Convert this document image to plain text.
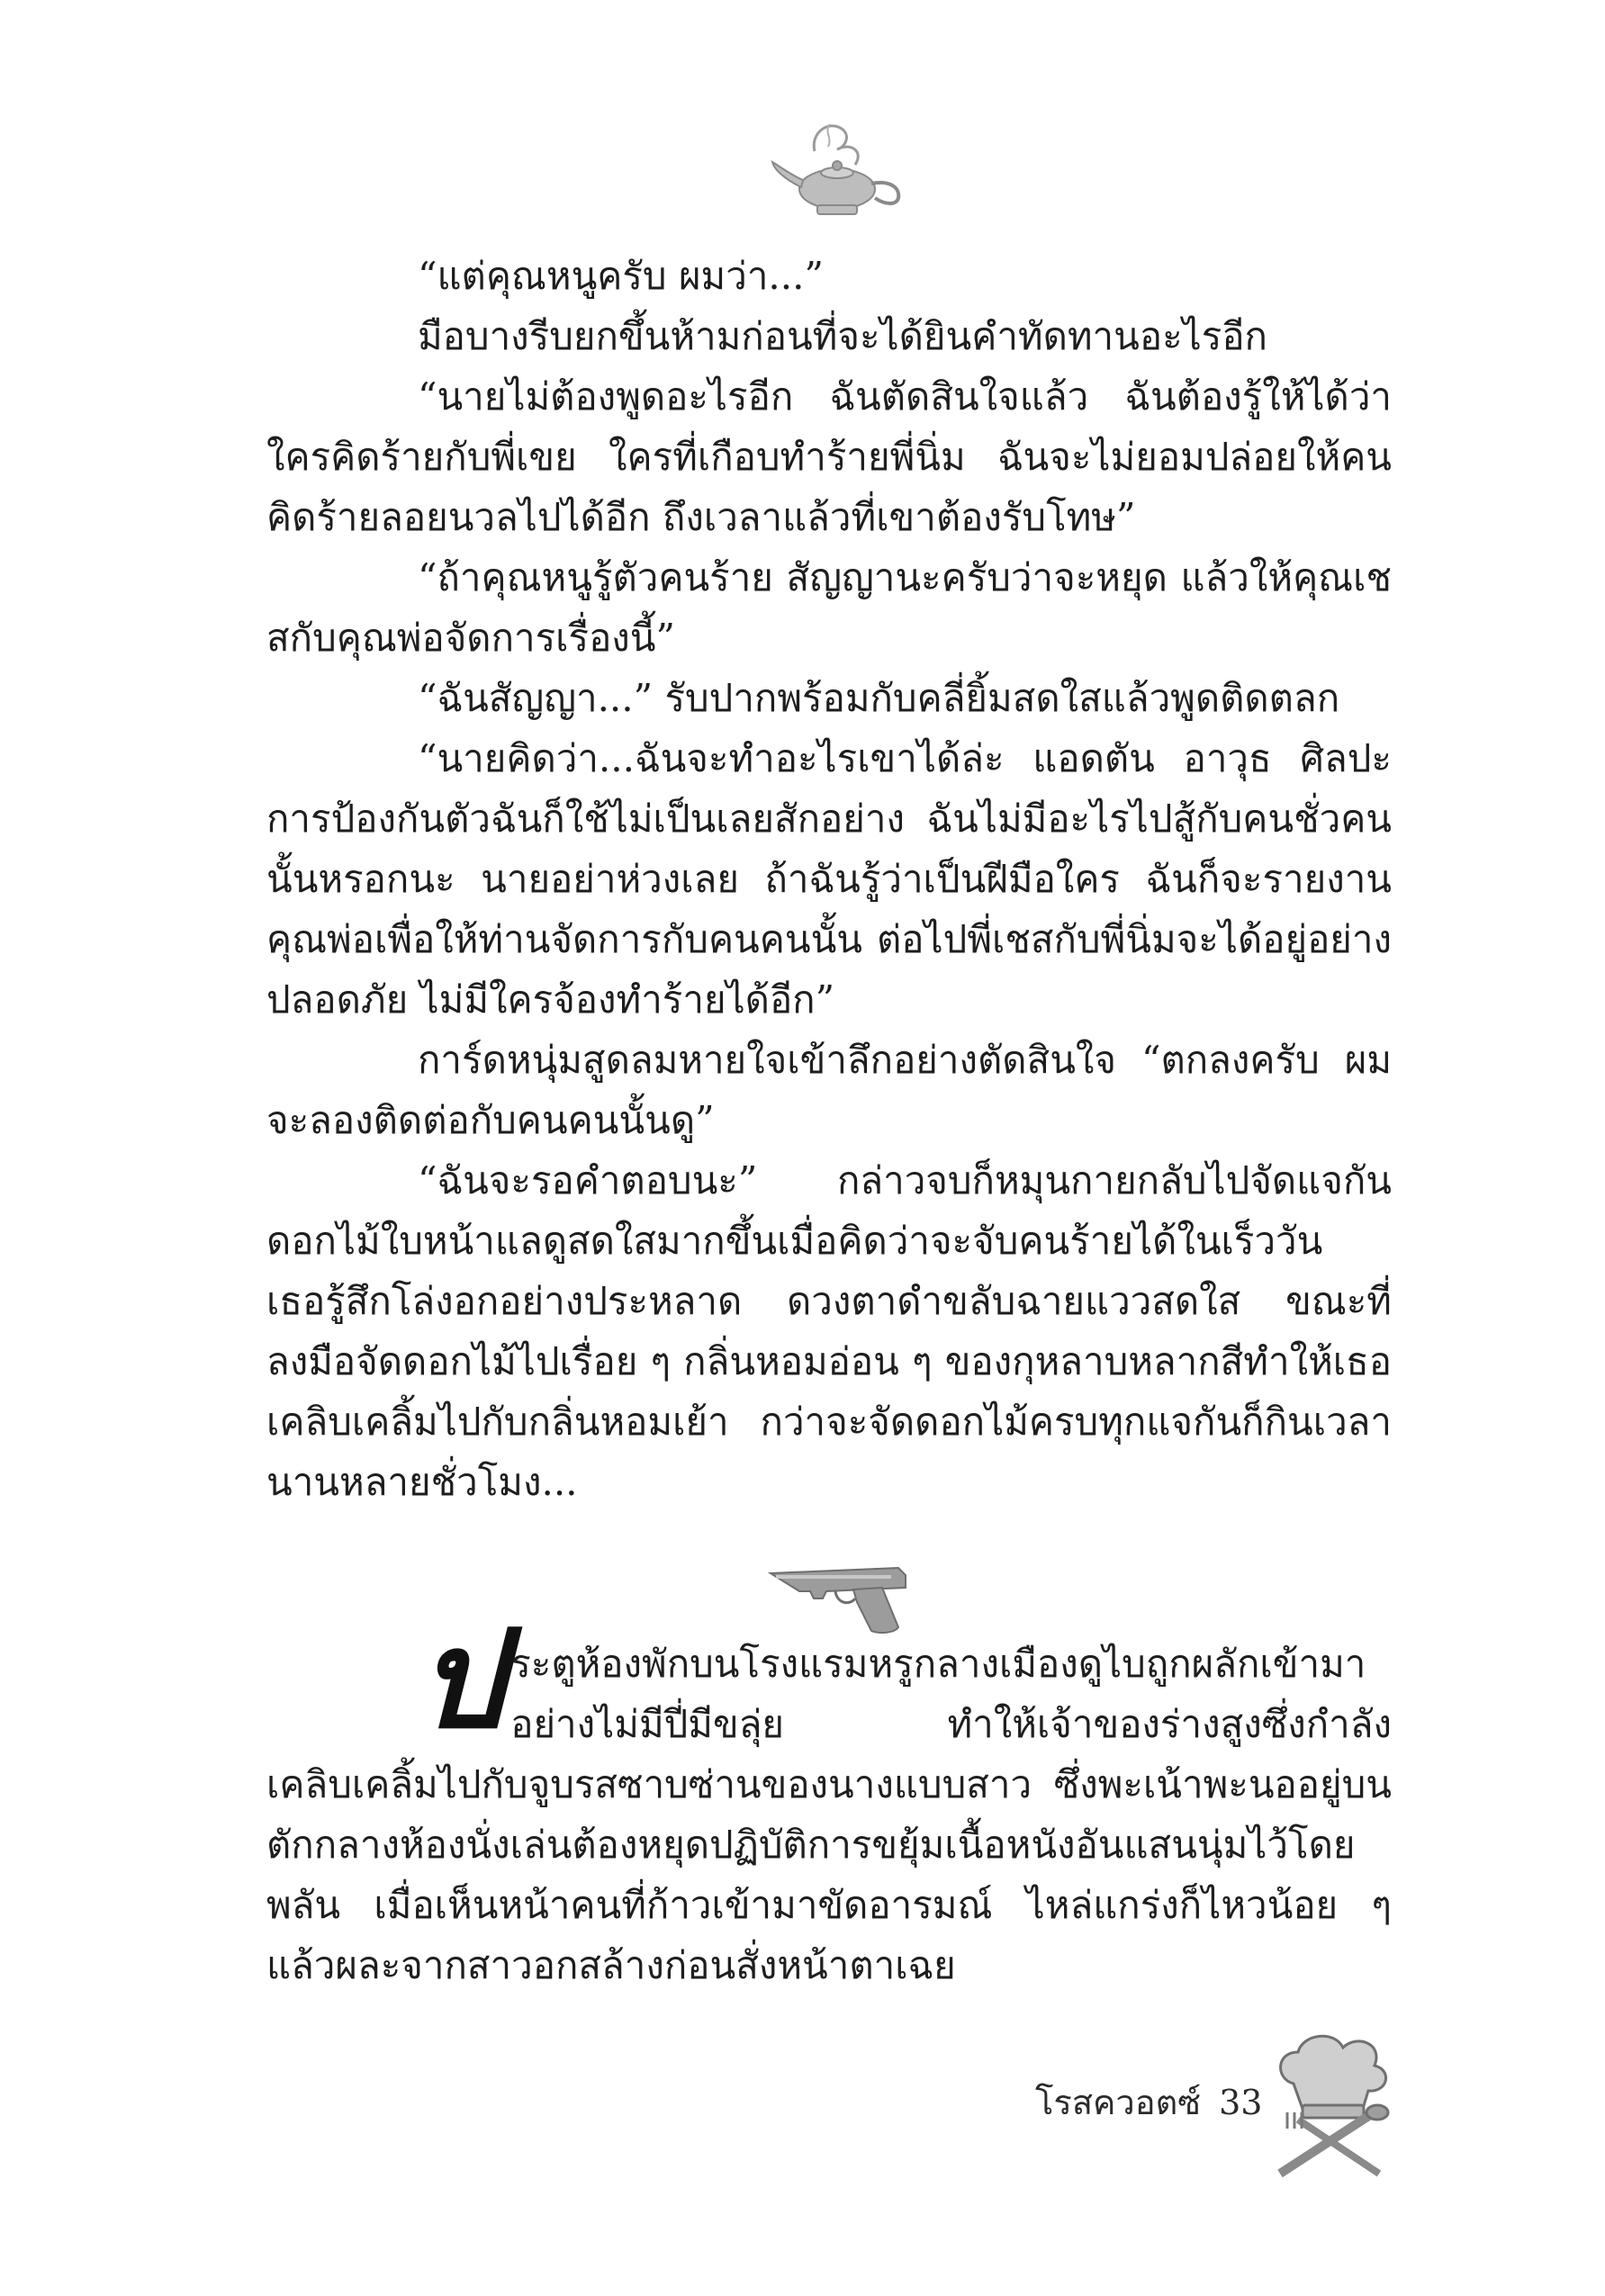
“แต่คุณหนูครับ ผมว่า...”

มือบางรีบยกขึ้นห้ามก่อนที่จะได้ยินคำทัดทานอะไรอีก

“นายไม่ต้องพูดอะไรอีก ฉันตัดสินใจแล้ว ฉันต้องรู้ให้ได้ว่าใครคิดร้ายกับพี่เขย ใครที่เกือบทำร้ายพี่นิ่ม ฉันจะไม่ยอมปล่อยให้คนคิดร้ายลอยนวลไปได้อีก ถึงเวลาแล้วที่เขาต้องรับโทษ”

“ถ้าคุณหนูรู้ตัวคนร้าย สัญญานะครับว่าจะหยุด แล้วให้คุณเชสกับคุณพ่อจัดการเรื่องนี้”

“ฉันสัญญา...” รับปากพร้อมกับคลี่ยิ้มสดใสแล้วพูดติดตลก

“นายคิดว่า...ฉันจะทำอะไรเขาได้ล่ะ แอดตัน อาวุธ ศิลปะการป้องกันตัวฉันก็ใช้ไม่เป็นเลยสักอย่าง ฉันไม่มีอะไรไปสู้กับคนชั่วคนนั้นหรอกนะ นายอย่าห่วงเลย ถ้าฉันรู้ว่าเป็นฝีมือใคร ฉันก็จะรายงานคุณพ่อเพื่อให้ท่านจัดการกับคนคนนั้น ต่อไปพี่เชสกับพี่นิ่มจะได้อยู่อย่างปลอดภัย ไม่มีใครจ้องทำร้ายได้อีก”

การ์ดหนุ่มสูดลมหายใจเข้าลึกอย่างตัดสินใจ “ตกลงครับ ผมจะลองติดต่อกับคนคนนั้นดู”

“ฉันจะรอคำตอบนะ” กล่าวจบก็หมุนกายกลับไปจัดแจกันดอกไม้ใบหน้าแลดูสดใสมากขึ้นเมื่อคิดว่าจะจับคนร้ายได้ในเร็ววัน เธอรู้สึกโล่งอกอย่างประหลาด ดวงตาดำขลับฉายแววสดใส ขณะที่ลงมือจัดดอกไม้ไปเรื่อย ๆ กลิ่นหอมอ่อน ๆ ของกุหลาบหลากสีทำให้เธอเคลิบเคลิ้มไปกับกลิ่นหอมเย้า กว่าจะจัดดอกไม้ครบทุกแจกันก็กินเวลานานหลายชั่วโมง...

ประตูห้องพักบนโรงแรมหรูกลางเมืองดูไบถูกผลักเข้ามาอย่างไม่มีปี่มีขลุ่ย ทำให้เจ้าของร่างสูงซึ่งกำลังเคลิบเคลิ้มไปกับจูบรสซาบซ่านของนางแบบสาว ซึ่งพะเน้าพะนออยู่บนตักกลางห้องนั่งเล่นต้องหยุดปฏิบัติการขยุ้มเนื้อหนังอันแสนนุ่มไว้โดยพลัน เมื่อเห็นหน้าคนที่ก้าวเข้ามาขัดอารมณ์ ไหล่แกร่งก็ไหวน้อย ๆ แล้วผละจากสาวอกสล้างก่อนสั่งหน้าตาเฉย

โรสควอตซ์ 33
